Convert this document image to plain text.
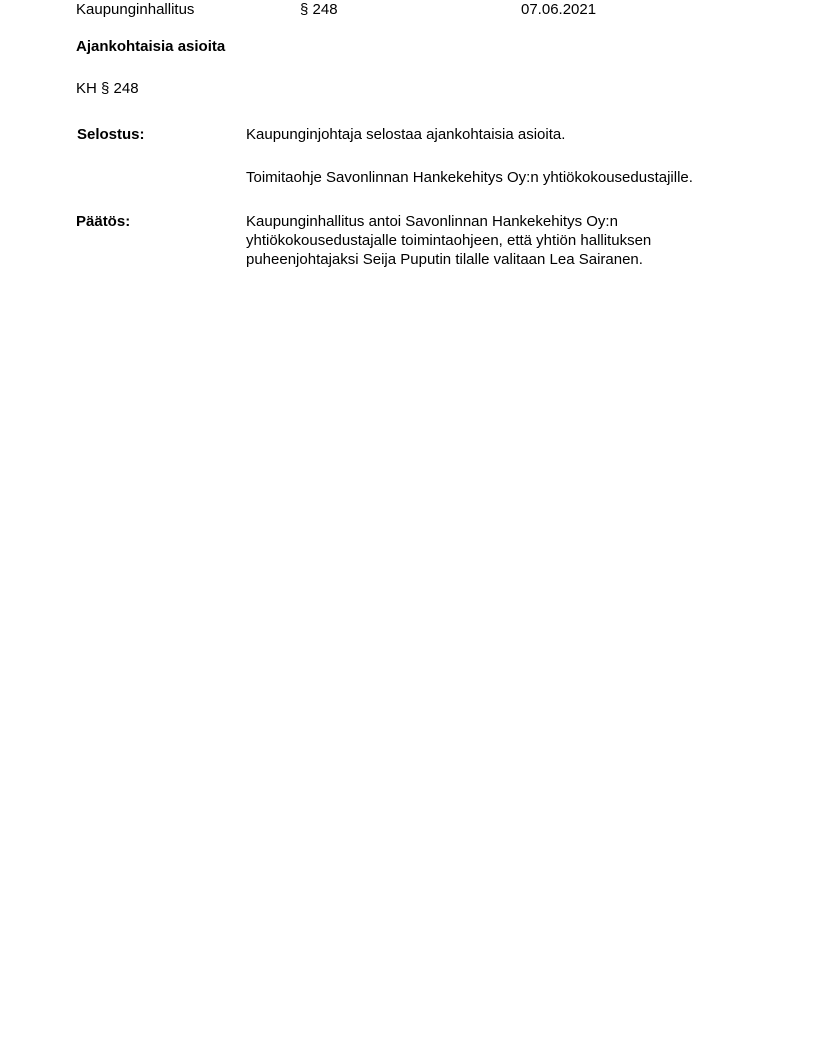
Kaupunginhallitus	§ 248	07.06.2021
Ajankohtaisia asioita
KH § 248
Selostus:	Kaupunginjohtaja selostaa ajankohtaisia asioita.
Toimitaohje Savonlinnan Hankekehitys Oy:n yhtiökokousedustajille.
Päätös:	Kaupunginhallitus antoi Savonlinnan Hankekehitys Oy:n
yhtiökokousedustajalle toimintaohjeen, että yhtiön hallituksen
puheenjohtajaksi Seija Puputin tilalle valitaan Lea Sairanen.
